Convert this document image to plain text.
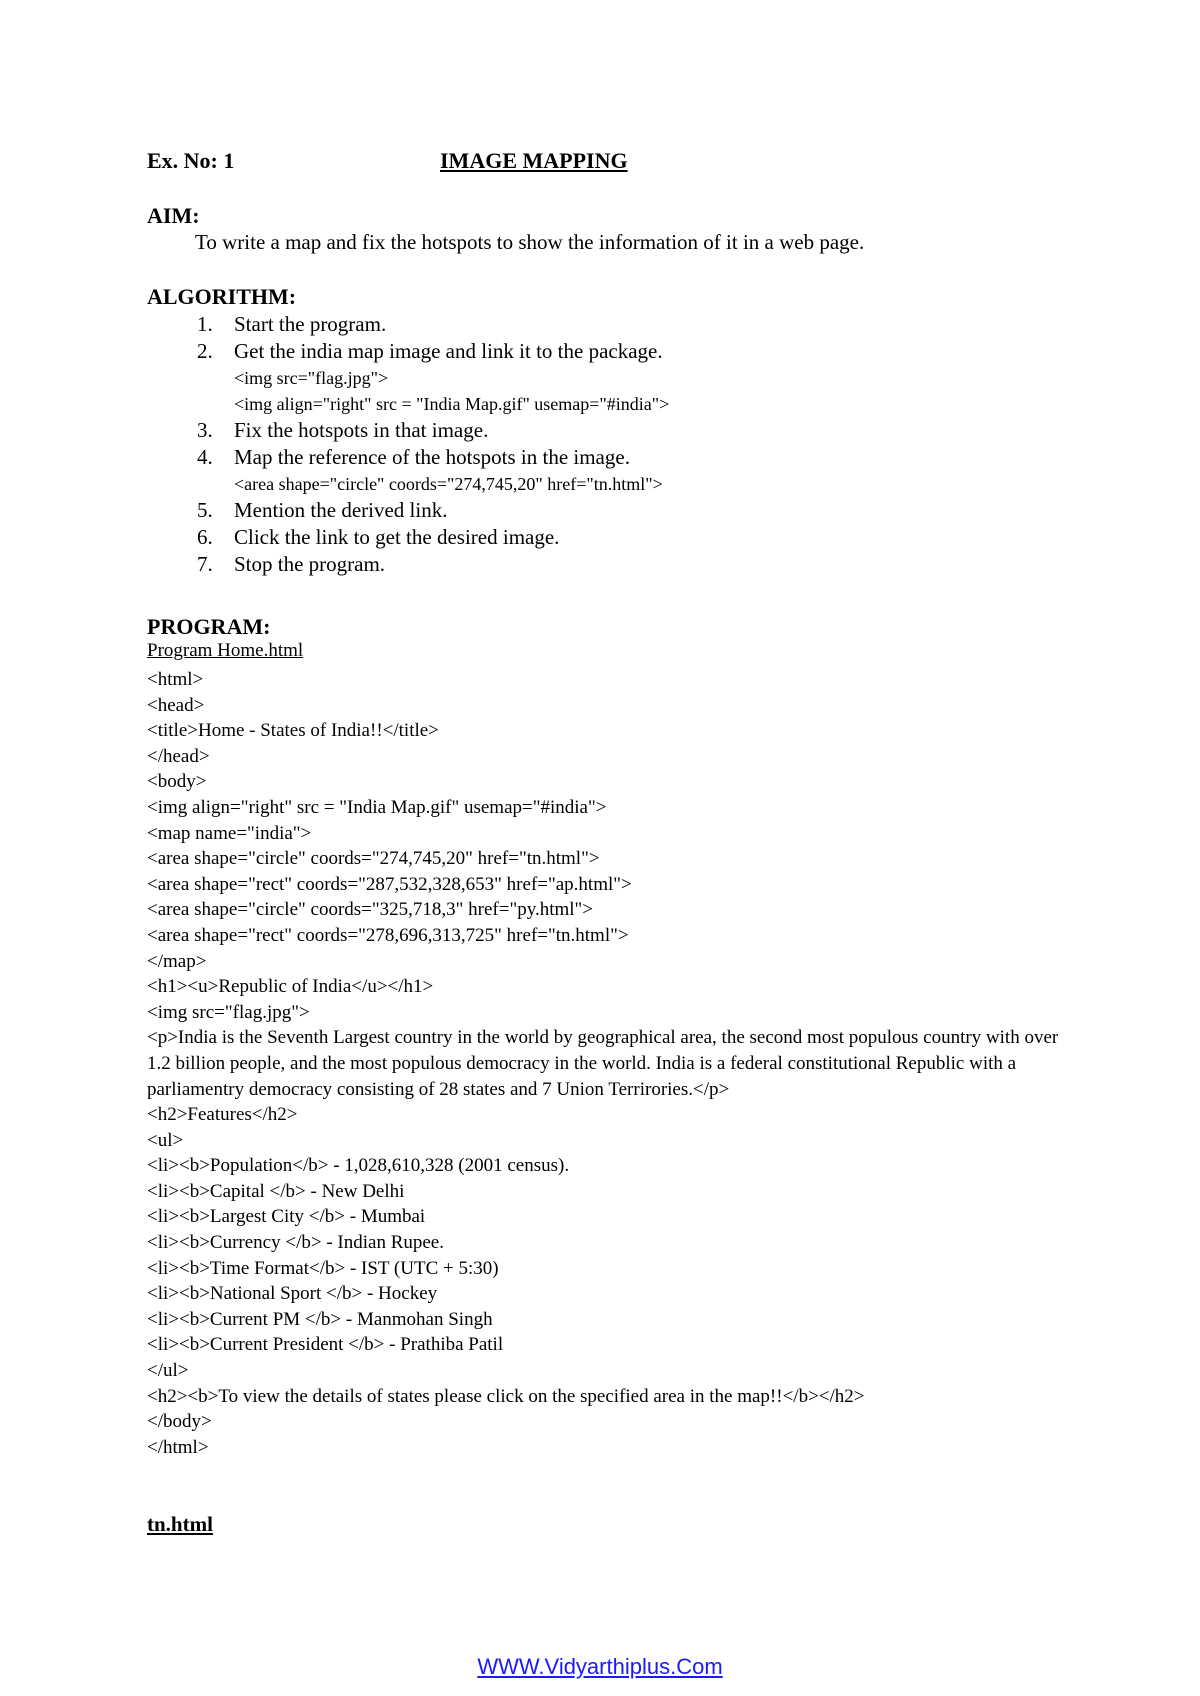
Ex. No: 1	IMAGE MAPPING
AIM:
To write a map and fix the hotspots to show the information of it in a web page.
ALGORITHM:
1. Start the program.
2. Get the india map image and link it to the package.
<img src="flag.jpg">
<img align="right" src = "India Map.gif" usemap="#india">
3. Fix the hotspots in that image.
4. Map the reference of the hotspots in the image.
<area shape="circle" coords="274,745,20" href="tn.html">
5. Mention the derived link.
6. Click the link to get the desired image.
7. Stop the program.
PROGRAM:
Program Home.html
<html>
<head>
<title>Home - States of India!!</title>
</head>
<body>
<img align="right" src = "India Map.gif" usemap="#india">
<map name="india">
<area shape="circle" coords="274,745,20" href="tn.html">
<area shape="rect" coords="287,532,328,653" href="ap.html">
<area shape="circle" coords="325,718,3" href="py.html">
<area shape="rect" coords="278,696,313,725" href="tn.html">
</map>
<h1><u>Republic of India</u></h1>
<img src="flag.jpg">
<p>India is the Seventh Largest country in the world by geographical area, the second most populous country with over 1.2 billion people, and the most populous democracy in the world. India is a federal constitutional Republic with a parliamentry democracy consisting of 28 states and 7 Union Terrirories.</p>
<h2>Features</h2>
<ul>
<li><b>Population</b> - 1,028,610,328 (2001 census).
<li><b>Capital </b> - New Delhi
<li><b>Largest City </b> - Mumbai
<li><b>Currency </b> - Indian Rupee.
<li><b>Time Format</b> - IST (UTC + 5:30)
<li><b>National Sport </b> - Hockey
<li><b>Current PM </b> - Manmohan Singh
<li><b>Current President </b> - Prathiba Patil
</ul>
<h2><b>To view the details of states please click on the specified area in the map!!</b></h2>
</body>
</html>
tn.html
WWW.Vidyarthiplus.Com
